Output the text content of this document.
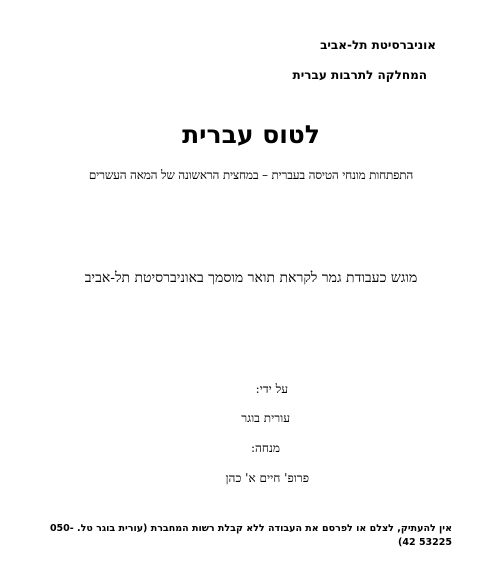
אוניברסיטת תל-אביב
המחלקה לתרבות עברית
לטוס עברית
התפתחות מונחי הטיסה בעברית – במחצית הראשונה של המאה העשרים
מוגש כעבודת גמר לקראת תואר מוסמך באוניברסיטת תל-אביב
על ידי:
עורית בוגר
מנחה:
פרופ' חיים א' כהן
אין להעתיק, לצלם או לפרסם את העבודה ללא קבלת רשות המחברת (עורית בוגר טל. 050-53225 42)
